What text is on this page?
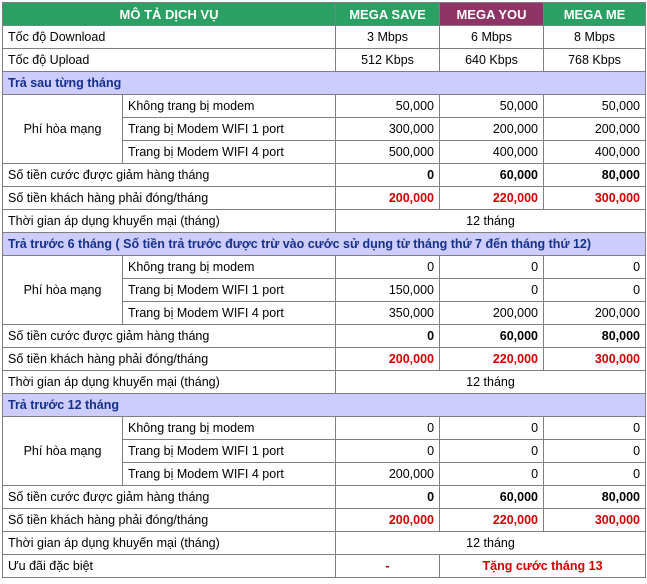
MÔ TẢ DỊCH VỤ		MEGA SAVE	MEGA YOU	MEGA ME
Tốc độ Download		3 Mbps	6 Mbps	8 Mbps
Tốc độ Upload		512 Kbps	640 Kbps	768 Kbps
Trả sau từng tháng				
Phí hòa mạng	Không trang bị modem	50,000	50,000	50,000
	Trang bị Modem WIFI 1 port	300,000	200,000	200,000
	Trang bị Modem WIFI 4 port	500,000	400,000	400,000
Số tiền cước được giảm hàng tháng		0	60,000	80,000
Số tiền khách hàng phải đóng/tháng		200,000	220,000	300,000
Thời gian áp dụng khuyến mại (tháng)		12 tháng		
Trả trước 6 tháng ( Số tiền trả trước được trừ vào cước sử dụng từ tháng thứ 7 đến tháng thứ 12)				
Phí hòa mạng	Không trang bị modem	0	0	0
	Trang bị Modem WIFI 1 port	150,000	0	0
	Trang bị Modem WIFI 4 port	350,000	200,000	200,000
Số tiền cước được giảm hàng tháng		0	60,000	80,000
Số tiền khách hàng phải đóng/tháng		200,000	220,000	300,000
Thời gian áp dụng khuyến mại (tháng)		12 tháng		
Trả trước 12 tháng				
Phí hòa mạng	Không trang bị modem	0	0	0
	Trang bị Modem WIFI 1 port	0	0	0
	Trang bị Modem WIFI 4 port	200,000	0	0
Số tiền cước được giảm hàng tháng		0	60,000	80,000
Số tiền khách hàng phải đóng/tháng		200,000	220,000	300,000
Thời gian áp dụng khuyến mại (tháng)		12 tháng		
Ưu đãi đặc biệt		-	Tặng cước tháng 13	
